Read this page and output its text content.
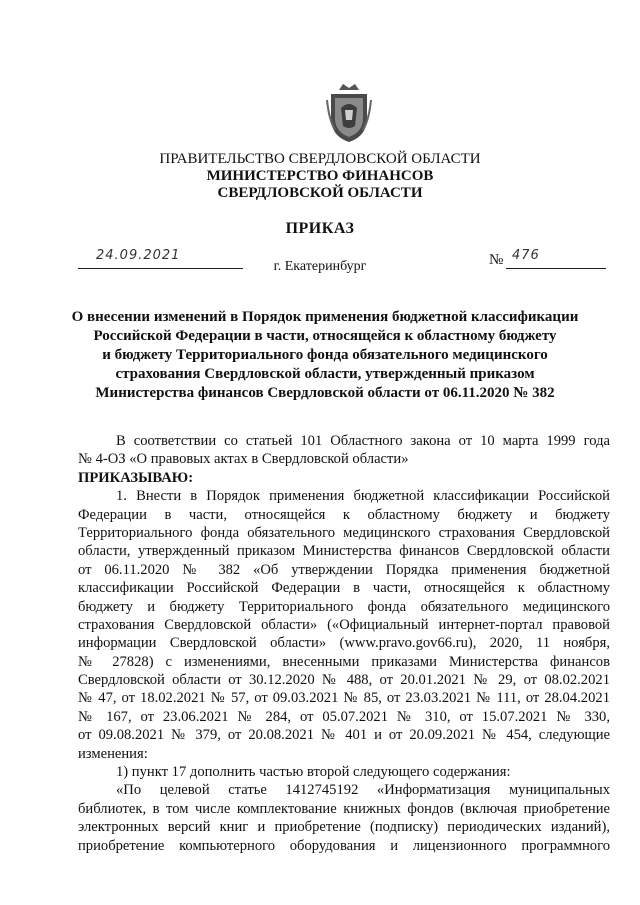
ПРАВИТЕЛЬСТВО СВЕРДЛОВСКОЙ ОБЛАСТИ
МИНИСТЕРСТВО ФИНАНСОВ
СВЕРДЛОВСКОЙ ОБЛАСТИ
ПРИКАЗ
24.09.2021	№ 476
г. Екатеринбург
О внесении изменений в Порядок применения бюджетной классификации
Российской Федерации в части, относящейся к областному бюджету
и бюджету Территориального фонда обязательного медицинского
страхования Свердловской области, утвержденный приказом
Министерства финансов Свердловской области от 06.11.2020 № 382
В соответствии со статьей 101 Областного закона от 10 марта 1999 года
№ 4-ОЗ «О правовых актах в Свердловской области»
ПРИКАЗЫВАЮ:
1. Внести в Порядок применения бюджетной классификации Российской
Федерации в части, относящейся к областному бюджету и бюджету
Территориального фонда обязательного медицинского страхования Свердловской
области, утвержденный приказом Министерства финансов Свердловской области
от 06.11.2020 № 382 «Об утверждении Порядка применения бюджетной
классификации Российской Федерации в части, относящейся к областному
бюджету и бюджету Территориального фонда обязательного медицинского
страхования Свердловской области» («Официальный интернет-портал правовой
информации Свердловской области» (www.pravo.gov66.ru), 2020, 11 ноября,
№ 27828) с изменениями, внесенными приказами Министерства финансов
Свердловской области от 30.12.2020 № 488, от 20.01.2021 № 29, от 08.02.2021
№ 47, от 18.02.2021 № 57, от 09.03.2021 № 85, от 23.03.2021 № 111, от 28.04.2021
№ 167, от 23.06.2021 № 284, от 05.07.2021 № 310, от 15.07.2021 № 330,
от 09.08.2021 № 379, от 20.08.2021 № 401 и от 20.09.2021 № 454, следующие
изменения:
1) пункт 17 дополнить частью второй следующего содержания:
«По целевой статье 1412745192 «Информатизация муниципальных
библиотек, в том числе комплектование книжных фондов (включая приобретение
электронных версий книг и приобретение (подписку) периодических изданий),
приобретение компьютерного оборудования и лицензионного программного
